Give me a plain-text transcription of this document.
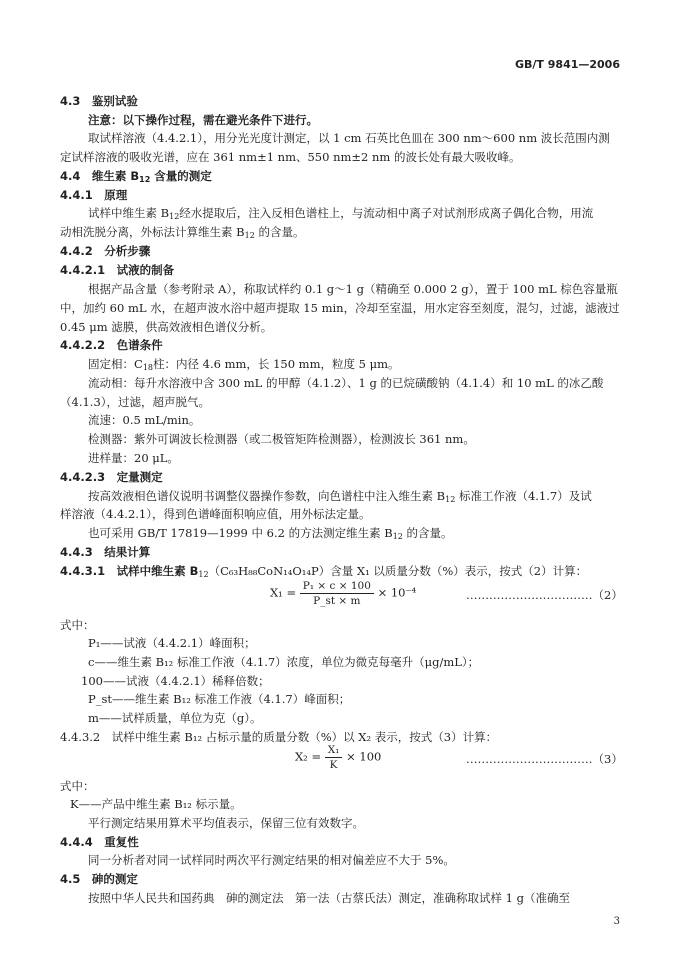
GB/T 9841—2006
4.3　鉴别试验
注意：以下操作过程，需在避光条件下进行。
取试样溶液（4.4.2.1），用分光光度计测定，以 1 cm 石英比色皿在 300 nm～600 nm 波长范围内测
定试样溶液的吸收光谱，应在 361 nm±1 nm、550 nm±2 nm 的波长处有最大吸收峰。
4.4　维生素 $B_{12}$ 含量的测定
4.4.1　原理
试样中维生素 $B_{12}$经水提取后，注入反相色谱柱上，与流动相中离子对试剂形成离子偶化合物，用流
动相洗脱分离，外标法计算维生素 $B_{12}$ 的含量。
4.4.2　分析步骤
4.4.2.1　试液的制备
根据产品含量（参考附录 A），称取试样约 0.1 g～1 g（精确至 0.000 2 g），置于 100 mL 棕色容量瓶
中，加约 60 mL 水，在超声波水浴中超声提取 15 min，冷却至室温，用水定容至刻度，混匀，过滤，滤液过
0.45 μm 滤膜，供高效液相色谱仪分析。
4.4.2.2　色谱条件
固定相：$C_{18}$柱：内径 4.6 mm，长 150 mm，粒度 5 μm。
流动相：每升水溶液中含 300 mL 的甲醇（4.1.2）、1 g 的已烷磺酸钠（4.1.4）和 10 mL 的冰乙酸
（4.1.3），过滤，超声脱气。
流速：0.5 mL/min。
检测器：紫外可调波长检测器（或二极管矩阵检测器），检测波长 361 nm。
进样量：20 μL。
4.4.2.3　定量测定
按高效液相色谱仪说明书调整仪器操作参数，向色谱柱中注入维生素 $B_{12}$ 标准工作液（4.1.7）及试
样溶液（4.4.2.1），得到色谱峰面积响应值，用外标法定量。
也可采用 GB/T 17819—1999 中 6.2 的方法测定维生素 $B_{12}$ 的含量。
4.4.3　结果计算
4.4.3.1　试样中维生素 $B_{12}(C_{63}H_{88}CoN_{14}O_{14}P)$含量 X₁ 以质量分数（%）表示，按式（2）计算：
$X_1 = \frac{\text{P₁ × c × 100}}{P\_st \times m} \times 10^{-4}$	……………………………（2）
式中：
P₁——试液（4.4.2.1）峰面积；
c——维生素 B₁₂ 标准工作液（4.1.7）浓度，单位为微克每毫升（μg/mL）；
100——试液（4.4.2.1）稀释倍数；
P_st——维生素 B₁₂ 标准工作液（4.1.7）峰面积；
m——试样质量，单位为克（g）。
4.4.3.2　试样中维生素 B₁₂ 占标示量的质量分数（%）以 X₂ 表示，按式（3）计算：
$X_2 = \frac{\text{X₁}}{K} \times 100$	……………………………（3）
式中：
K——产品中维生素 B₁₂ 标示量。
平行测定结果用算术平均值表示，保留三位有效数字。
4.4.4　重复性
同一分析者对同一试样同时两次平行测定结果的相对偏差应不大于 5%。
4.5　砷的测定
按照中华人民共和国药典　砷的测定法　第一法（古蔡氏法）测定，准确称取试样 1 g（准确至
3
